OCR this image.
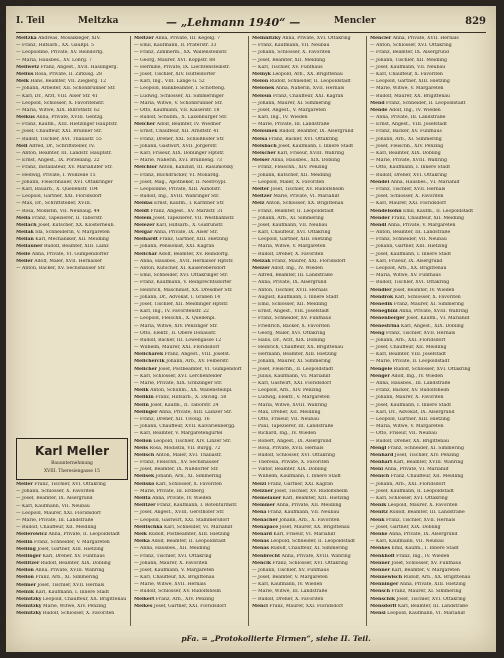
I. Teil	Meltzka	— „Lehmann 1940“ —	Mencler	829
Meltzka Andreas, Mosaikleger, XIV.
— Franz, Hilfsarb., XX. Gaußpl. 5
— Leopoldine, Private, XV. Reindorfg.
— Maria, Hausbes., XV. Löhrg. 7
Meliwetz Franz, Angest., XVII. Haslingerg.
Melius Rosa, Private, II. Zirkusg. 28
Melk Hans, Beamter, VII. Zieglerg. 12
— Johann, Arbeiter, XII. Schönbrunner Str.
— Karl, Dr., Arzt, VIII. Alser Str. 41
— Leopold, Schlosser, X. Favoritenstr.
— Maria, Witwe, XIX. Billrothstr. 62
Melkus Anna, Private, XVIII. Gentzg.
— Franz, Kaufm., XIII. Hietzinger Hauptstr.
— Josef, Chauffeur, XXI. Brünner Str.
— Rudolf, Tischler, XVI. Thaliastr. 55
Mell Alfred, Dr., Schriftsteller, IV.
— Anton, Beamter, III. Landstr. Hauptstr.
— Ernst, Angest., IX. Porzellang. 22
— Franz, Installateur, XV. Mariahilfer Str.
— Hedwig, Private, I. Wollzeile 15
— Johann, Fleischhauer, XVI. Ottakringer
— Karl, Bauarb., X. Quellenstr. 104
— Leopold, Gärtner, XXI. Floridsdorf
— Max, Dr., Schriftsteller, XVIII.
— Rosa, Modistin, VII. Neubaug. 44
Mella Franz, Tapezierer, II. Taborstr.
Mellach Josef, Kutscher, XX. Klosterneub.
Mellak Ida, Schneiderin, V. Margareten
Mellan Karl, Mechaniker, XII. Meidling
Mellauner Rudolf, Beamter, XIII. Lainz
Melle Anna, Private, VI. Gumpendorfer
Meller Adolf, Maler, XVII. Hernalser
— Anton, Bäcker, XV. Sechshauser Str.
Meltzer Anna, Private, III. Kegelg. 7
— Emil, Kaufmann, II. Praterstr. 33
— Franz, Zimmerm., XX. Wallensteinstr.
— Georg, Maurer, XVI. Koppstr. 88
— Hermine, Private, IX. Liechtensteinstr.
— Josef, Tischler, XIV. Hütteldorfer
— Karl, Ing., VIII. Lange G. 52
— Leopold, Bankbeamter, I. Schotteng.
— Ludwig, Schlosser, XI. Simmeringer
— Maria, Witwe, V. Schönbrunner Str.
— Otto, Kaufmann, VII. Kaiserstr. 18
— Rudolf, Schuhm., X. Laxenburger Str.
Melcher Adolf, Beamter, IV. Wiedner
— Ernst, Chauffeur, XII. Arndtstr. 41
— Franz, Dreher, XXI. Schloßhofer Str.
— Johann, Gastwirt, XVII. Jörgerstr.
— Karl, Friseur, XIX. Döblinger Hptstr.
— Marie, Näherin, XVI. Brunneng. 73
Melchior Anton, Kanzlist, III. Rasumofsky
— Franz, Buchdrucker, VI. Mollardg.
— Josef, Mag., Apotheker, II. Nestroypl.
— Leopoldine, Private, XIII. Auhofstr.
— Rudolf, Ing., XVIII. Währinger Str.
Meldas Ernst, Kaufm., I. Kärntner Str.
Meldt Franz, Angest., XV. Märzstr. 31
Melem Josef, Tapezierer, VII. Westbahnstr.
Melezer Karl, Hilfsarb., X. Gudrunstr.
Melgar Anna, Private, IX. Alser Str.
Melhardt Franz, Gärtner, XIII. Hietzing
— Johann, Pensionist, XXI. Kagran
Melichar Adolf, Beamter, XV. Reindorfg.
— Anna, Hausbes., XVII. Hernalser Hptstr.
— Anton, Kutscher, XI. Kaiserebersdorf
— Emil, Schneider, XVI. Ottakringer Str.
— Franz, Kaufmann, V. Reinprechtsdorfer
— Heinrich, Maschinist, XX. Dresdner Str.
— Johann, Dr., Advokat, I. Graben 14
— Josef, Tischler, XII. Meidlinger Hptstr.
— Karl, Ing., IV. Favoritenstr. 22
— Leopold, Fleischh., X. Quellenpl.
— Maria, Witwe, XIV. Penzinger Str.
— Otto, Elektr., II. Obere Donaustr.
— Rudolf, Bäcker, III. Löwengasse 12
— Wilhelm, Maurer, XXI. Floridsdorf
Melicharek Franz, Angest., VIII. Josefst.
Melichercik Johann, Arb., XV. Felberstr.
Melicher Josef, Postbeamter, VI. Gumpendorf
— Karl, Schlosser, XVI. Lerchenfelder
— Marie, Private, XIX. Grinzinger Str.
Melik Anton, Schuhm., XX. Wallensteinpl.
Melikin Franz, Hilfsarb., X. Davidg. 58
Melin Josef, Kaufm., II. Taborstr. 24
Melinger Anna, Private, XIII. Lainzer Str.
— Franz, Dreher, XII. Tivolig. 16
— Johann, Chauffeur, XVII. Kalvarienbergg.
— Karl, Beamter, V. Margaretengürtel
Melion Leopold, Tischler, XIV. Linzer Str.
Melis Rosa, Modistin, VII. Burgg. 72
Melisch Anton, Maler, XVI. Thaliastr.
— Franz, Fleischh., XV. Sechshauser
— Josef, Beamter, IX. Nußdorfer Str.
Melisek Johann, Arb., XI. Simmering
Melisko Karl, Schlosser, X. Favoriten
— Marie, Private, III. Erdberg
Melita Anna, Private, IV. Wieden
Melitzer Franz, Kaufmann, I. Rotenturmstr.
— Josef, Angest., XVIII. Gersthofer Str.
— Leopold, Gastwirt, XXI. Stammersdorf
Melitschka Karl, Schneider, VI. Mariahilf
Melk Rudolf, Postbeamter, XIII. Hietzing
Melka Adolf, Beamter, II. Leopoldstadt
— Anna, Hausbes., XII. Meidling
— Franz, Tischler, XVI. Ottakring
— Johann, Maurer, X. Favoriten
— Josef, Kaufmann, V. Margareten
— Karl, Chauffeur, XX. Brigittenau
— Marie, Witwe, XVII. Hernals
— Rudolf, Schlosser, XV. Rudolfsheim
Melkert Franz, Arb., XIV. Penzing
Melkes Josef, Gärtner, XXI. Floridsdorf
Melnnitzky Anna, Private, XVI. Ottakring
— Franz, Kaufmann, VII. Neubau
— Johann, Schlosser, X. Favoriten
— Josef, Beamter, XII. Meidling
— Karl, Tischler, XV. Fünfhaus
Melnyk Leopold, Arb., XX. Brigittenau
Melon Rudolf, Schneider, II. Leopoldstadt
Melonek Anna, Näherin, XVII. Hernals
Meloun Franz, Chauffeur, XXI. Kagran
— Johann, Maurer, XI. Simmering
— Josef, Angest., V. Margareten
— Karl, Ing., IV. Wieden
— Marie, Private, III. Landstraße
Melounek Rudolf, Beamter, IX. Alsergrund
Melsa Franz, Bäcker, XVI. Ottakring
Melsbach Josef, Kaufmann, I. Innere Stadt
Melscher Karl, Friseur, XVIII. Währing
Melser Anna, Hausbes., XIX. Döbling
— Franz, Fleischh., XIV. Penzing
— Johann, Kutscher, XII. Meidling
— Leopold, Maler, X. Favoriten
Melter Josef, Tischler, XV. Rudolfsheim
Meltzer Marie, Private, VI. Mariahilf
Melz Anton, Schlosser, XX. Brigittenau
— Franz, Beamter, II. Leopoldstadt
— Johann, Arb., XI. Simmering
— Josef, Kaufmann, VII. Neubau
— Karl, Chauffeur, XVI. Ottakring
— Leopold, Gärtner, XIII. Hietzing
— Maria, Witwe, V. Margareten
— Rudolf, Dreher, X. Favoriten
Melzak Franz, Maurer, XXI. Floridsdorf
Melzer Adolf, Ing., IV. Wieden
— Alfred, Beamter, III. Landstraße
— Anna, Private, IX. Alsergrund
— Anton, Tischler, XVII. Hernals
— August, Kaufmann, I. Innere Stadt
— Emil, Schlosser, XII. Meidling
— Ernst, Angest., VIII. Josefstadt
— Franz, Schneider, XV. Fünfhaus
— Friedrich, Bäcker, X. Favoriten
— Georg, Maler, XVI. Ottakring
— Hans, Dr., Arzt, XIX. Döbling
— Heinrich, Chauffeur, XX. Brigittenau
— Hermann, Beamter, XIII. Hietzing
— Johann, Maurer, XI. Simmering
— Josef, Fleischh., II. Leopoldstadt
— Julius, Kaufmann, VI. Mariahilf
— Karl, Gastwirt, XXI. Floridsdorf
— Leopold, Arb., XIV. Penzing
— Ludwig, Elektr., V. Margareten
— Maria, Witwe, XVIII. Währing
— Max, Dreher, XII. Meidling
— Otto, Friseur, VII. Neubau
— Paul, Tapezierer, III. Landstraße
— Richard, Ing., IV. Wieden
— Robert, Angest., IX. Alsergrund
— Rosa, Private, XVII. Hernals
— Rudolf, Schlosser, XVI. Ottakring
— Theresia, Private, X. Favoriten
— Viktor, Beamter, XIX. Döbling
— Wilhelm, Kaufmann, I. Innere Stadt
Melzl Franz, Gärtner, XXI. Kagran
Melzner Josef, Tischler, XV. Rudolfsheim
Memelauer Karl, Beamter, XIII. Hietzing
Memmer Anna, Private, XII. Meidling
Mena Franz, Kaufmann, VII. Neubau
Menacher Johann, Arb., X. Favoriten
Menapace Josef, Maurer, XX. Brigittenau
Menard Karl, Friseur, VI. Mariahilf
Menas Leopold, Schneider, II. Leopoldstadt
Menaš Rudolf, Chauffeur, XI. Simmering
Menbrecht Anna, Private, XVIII. Währing
Menčik Franz, Schlosser, XVI. Ottakring
— Johann, Tischler, XV. Fünfhaus
— Josef, Beamter, V. Margareten
— Karl, Kaufmann, IV. Wieden
— Marie, Witwe, III. Landstraße
— Rudolf, Dreher, X. Favoriten
Mencl Franz, Maurer, XXI. Floridsdorf
Mencler Anna, Private, XVII. Hernals
— Anton, Schlosser, XVI. Ottakring
— Franz, Beamter, IX. Alsergrund
— Johann, Tischler, XII. Meidling
— Josef, Kaufmann, VII. Neubau
— Karl, Chauffeur, X. Favoriten
— Leopold, Gärtner, XIII. Hietzing
— Marie, Witwe, V. Margareten
— Rudolf, Maurer, XX. Brigittenau
Mend Franz, Schneider, II. Leopoldstadt
Mende Adolf, Ing., IV. Wieden
— Anna, Private, III. Landstraße
— Ernst, Angest., VIII. Josefstadt
— Franz, Bäcker, XV. Fünfhaus
— Johann, Arb., XI. Simmering
— Josef, Fleischh., XIV. Penzing
— Karl, Beamter, XIX. Döbling
— Marie, Private, XVIII. Währing
— Otto, Kaufmann, I. Innere Stadt
— Rudolf, Dreher, XVI. Ottakring
Mendel Anna, Hausbes., VI. Mariahilf
— Franz, Tischler, XVII. Hernals
— Josef, Schlosser, X. Favoriten
— Karl, Maurer, XXI. Floridsdorf
Mendelsohn Emil, Kaufm., II. Leopoldstadt
Mender Franz, Chauffeur, XII. Meidling
Mendl Anna, Private, V. Margareten
— Anton, Beamter, III. Landstraße
— Franz, Schneider, VII. Neubau
— Johann, Gärtner, XIII. Hietzing
— Josef, Kaufmann, I. Innere Stadt
— Karl, Friseur, IX. Alsergrund
— Leopold, Arb., XX. Brigittenau
— Maria, Witwe, XV. Fünfhaus
— Rudolf, Tischler, XVI. Ottakring
Mendler Josef, Beamter, IV. Wieden
Mendrok Karl, Schlosser, X. Favoriten
Menedik Franz, Maurer, XI. Simmering
Meneghini Anna, Private, XVIII. Währing
Menenberger Josef, Kaufm., VI. Mariahilf
Menestrina Karl, Angest., XIX. Döbling
Meng Franz, Tischler, XVII. Hernals
— Johann, Arb., XXI. Floridsdorf
— Josef, Chauffeur, XII. Meidling
— Karl, Beamter, VIII. Josefstadt
— Marie, Private, II. Leopoldstadt
Mengele Rudolf, Schlosser, XVI. Ottakring
Menger Adolf, Ing., IV. Wieden
— Anna, Hausbes., III. Landstraße
— Franz, Bäcker, XV. Rudolfsheim
— Johann, Maurer, X. Favoriten
— Josef, Kaufmann, I. Innere Stadt
— Karl, Dr., Advokat, IX. Alsergrund
— Leopold, Gärtner, XIII. Hietzing
— Maria, Witwe, V. Margareten
— Otto, Friseur, VII. Neubau
— Rudolf, Dreher, XX. Brigittenau
Mengl Franz, Schneider, XI. Simmering
Menhard Josef, Tischler, XIV. Penzing
Menhart Karl, Beamter, XVIII. Währing
Meni Anna, Private, VI. Mariahilf
Menich Franz, Chauffeur, XII. Meidling
— Johann, Arb., XXI. Floridsdorf
— Josef, Kaufmann, II. Leopoldstadt
— Karl, Schlosser, XVI. Ottakring
Menik Leopold, Maurer, X. Favoriten
Menitz Rudolf, Beamter, III. Landstraße
Menk Franz, Tischler, XVII. Hernals
— Josef, Gärtner, XIX. Döbling
Menke Anna, Private, IX. Alsergrund
— Karl, Kaufmann, VII. Neubau
Menkes Emil, Kaufm., I. Innere Stadt
Menkhoff Franz, Ing., IV. Wieden
Menner Josef, Schlosser, XV. Fünfhaus
Menner Karl, Beamter, V. Margareten
Mennewisch Rudolf, Arb., XX. Brigittenau
Menninger Anna, Private, XIII. Hietzing
Mensch Franz, Maurer, XI. Simmering
Menschik Josef, Tischler, XVI. Ottakring
Mensdorff Karl, Beamter, III. Landstraße
Mensi Leopold, Kaufmann, VI. Mariahilf
Karl Meller
Bauunternehmung
XVIII. Theresiengasse 15
Meller Franz, Tischler, XVI. Ottakring
— Johann, Schlosser, X. Favoriten
— Josef, Beamter, IX. Alsergrund
— Karl, Kaufmann, VII. Neubau
— Leopold, Maurer, XXI. Floridsdorf
— Marie, Private, III. Landstraße
— Rudolf, Chauffeur, XII. Meidling
Mellerowicz Anna, Private, II. Leopoldstadt
Mellin Franz, Schneider, V. Margareten
Melling Josef, Gärtner, XIII. Hietzing
Mellinger Karl, Dreher, XV. Fünfhaus
Mellitzer Rudolf, Beamter, XIX. Döbling
Mellon Anna, Private, XVIII. Währing
Mellon Franz, Arb., XI. Simmering
Melmer Josef, Tischler, XVII. Hernals
Melnik Karl, Kaufmann, I. Innere Stadt
Melnitzky Leopold, Chauffeur, XX. Brigittenau
Melnitzky Marie, Witwe, XIV. Penzing
Melnitzky Rudolf, Schlosser, X. Favoriten
pFa. = „Protokollierte Firmen“, siehe II. Teil.
